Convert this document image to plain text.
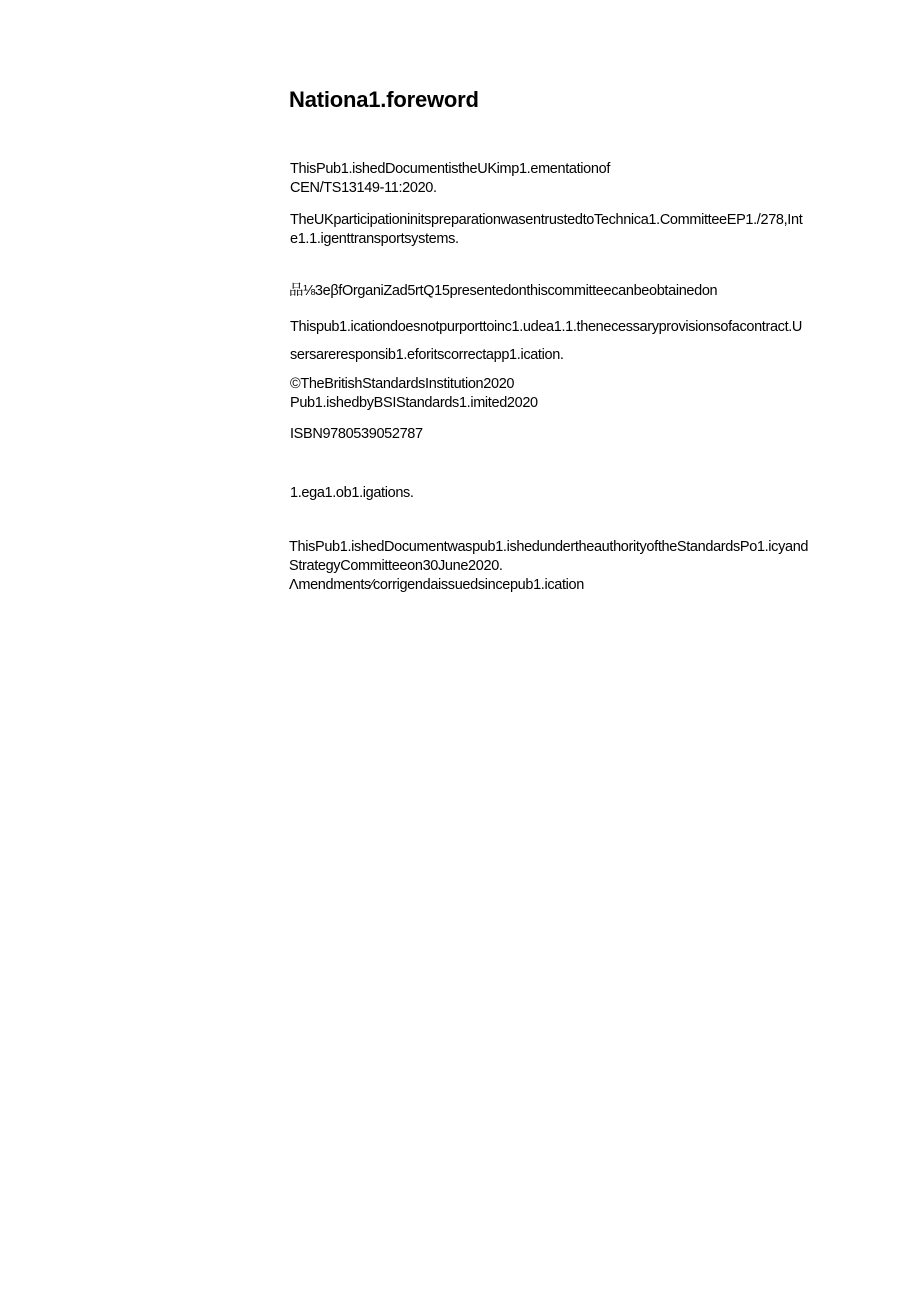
Nationa1.foreword

ThisPub1.ishedDocumentistheUKimp1.ementationof
CEN/TS13149-11:2020.

TheUKparticipationinitspreparationwasentrustedtoTechnica1.CommitteeEP1./278,Int
e1.1.igenttransportsystems.

品⅛3eβfOrganiZad5rtQ15presentedonthiscommitteecanbeobtainedon

Thispub1.icationdoesnotpurporttoinc1.udea1.1.thenecessaryprovisionsofacontract.U

sersareresponsib1.eforitscorrectapp1.ication.

©TheBritishStandardsInstitution2020
Pub1.ishedbyBSIStandards1.imited2020

ISBN9780539052787

1.ega1.ob1.igations.

ThisPub1.ishedDocumentwaspub1.ishedundertheauthorityoftheStandardsPo1.icyand
StrategyCommitteeon30June2020.
Λmendments∕corrigendaissuedsincepub1.ication
